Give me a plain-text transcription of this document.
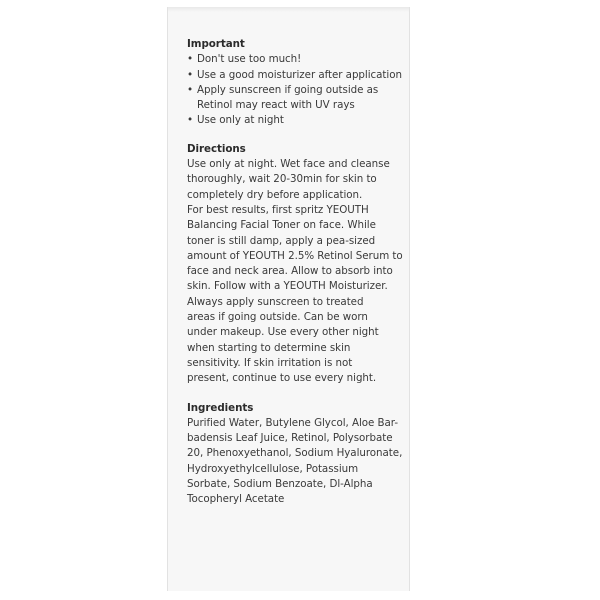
Important

• Don't use too much!
• Use a good moisturizer after application
• Apply sunscreen if going outside as
Retinol may react with UV rays
• Use only at night

Directions

Use only at night. Wet face and cleanse
thoroughly, wait 20-30min for skin to
completely dry before application.
For best results, first spritz YEOUTH
Balancing Facial Toner on face. While
toner is still damp, apply a pea-sized
amount of YEOUTH 2.5% Retinol Serum to
face and neck area. Allow to absorb into
skin. Follow with a YEOUTH Moisturizer.
Always apply sunscreen to treated
areas if going outside. Can be worn
under makeup. Use every other night
when starting to determine skin
sensitivity. If skin irritation is not
present, continue to use every night.

Ingredients

Purified Water, Butylene Glycol, Aloe Bar-
badensis Leaf Juice, Retinol, Polysorbate
20, Phenoxyethanol, Sodium Hyaluronate,
Hydroxyethylcellulose, Potassium
Sorbate, Sodium Benzoate, Dl-Alpha
Tocopheryl Acetate
